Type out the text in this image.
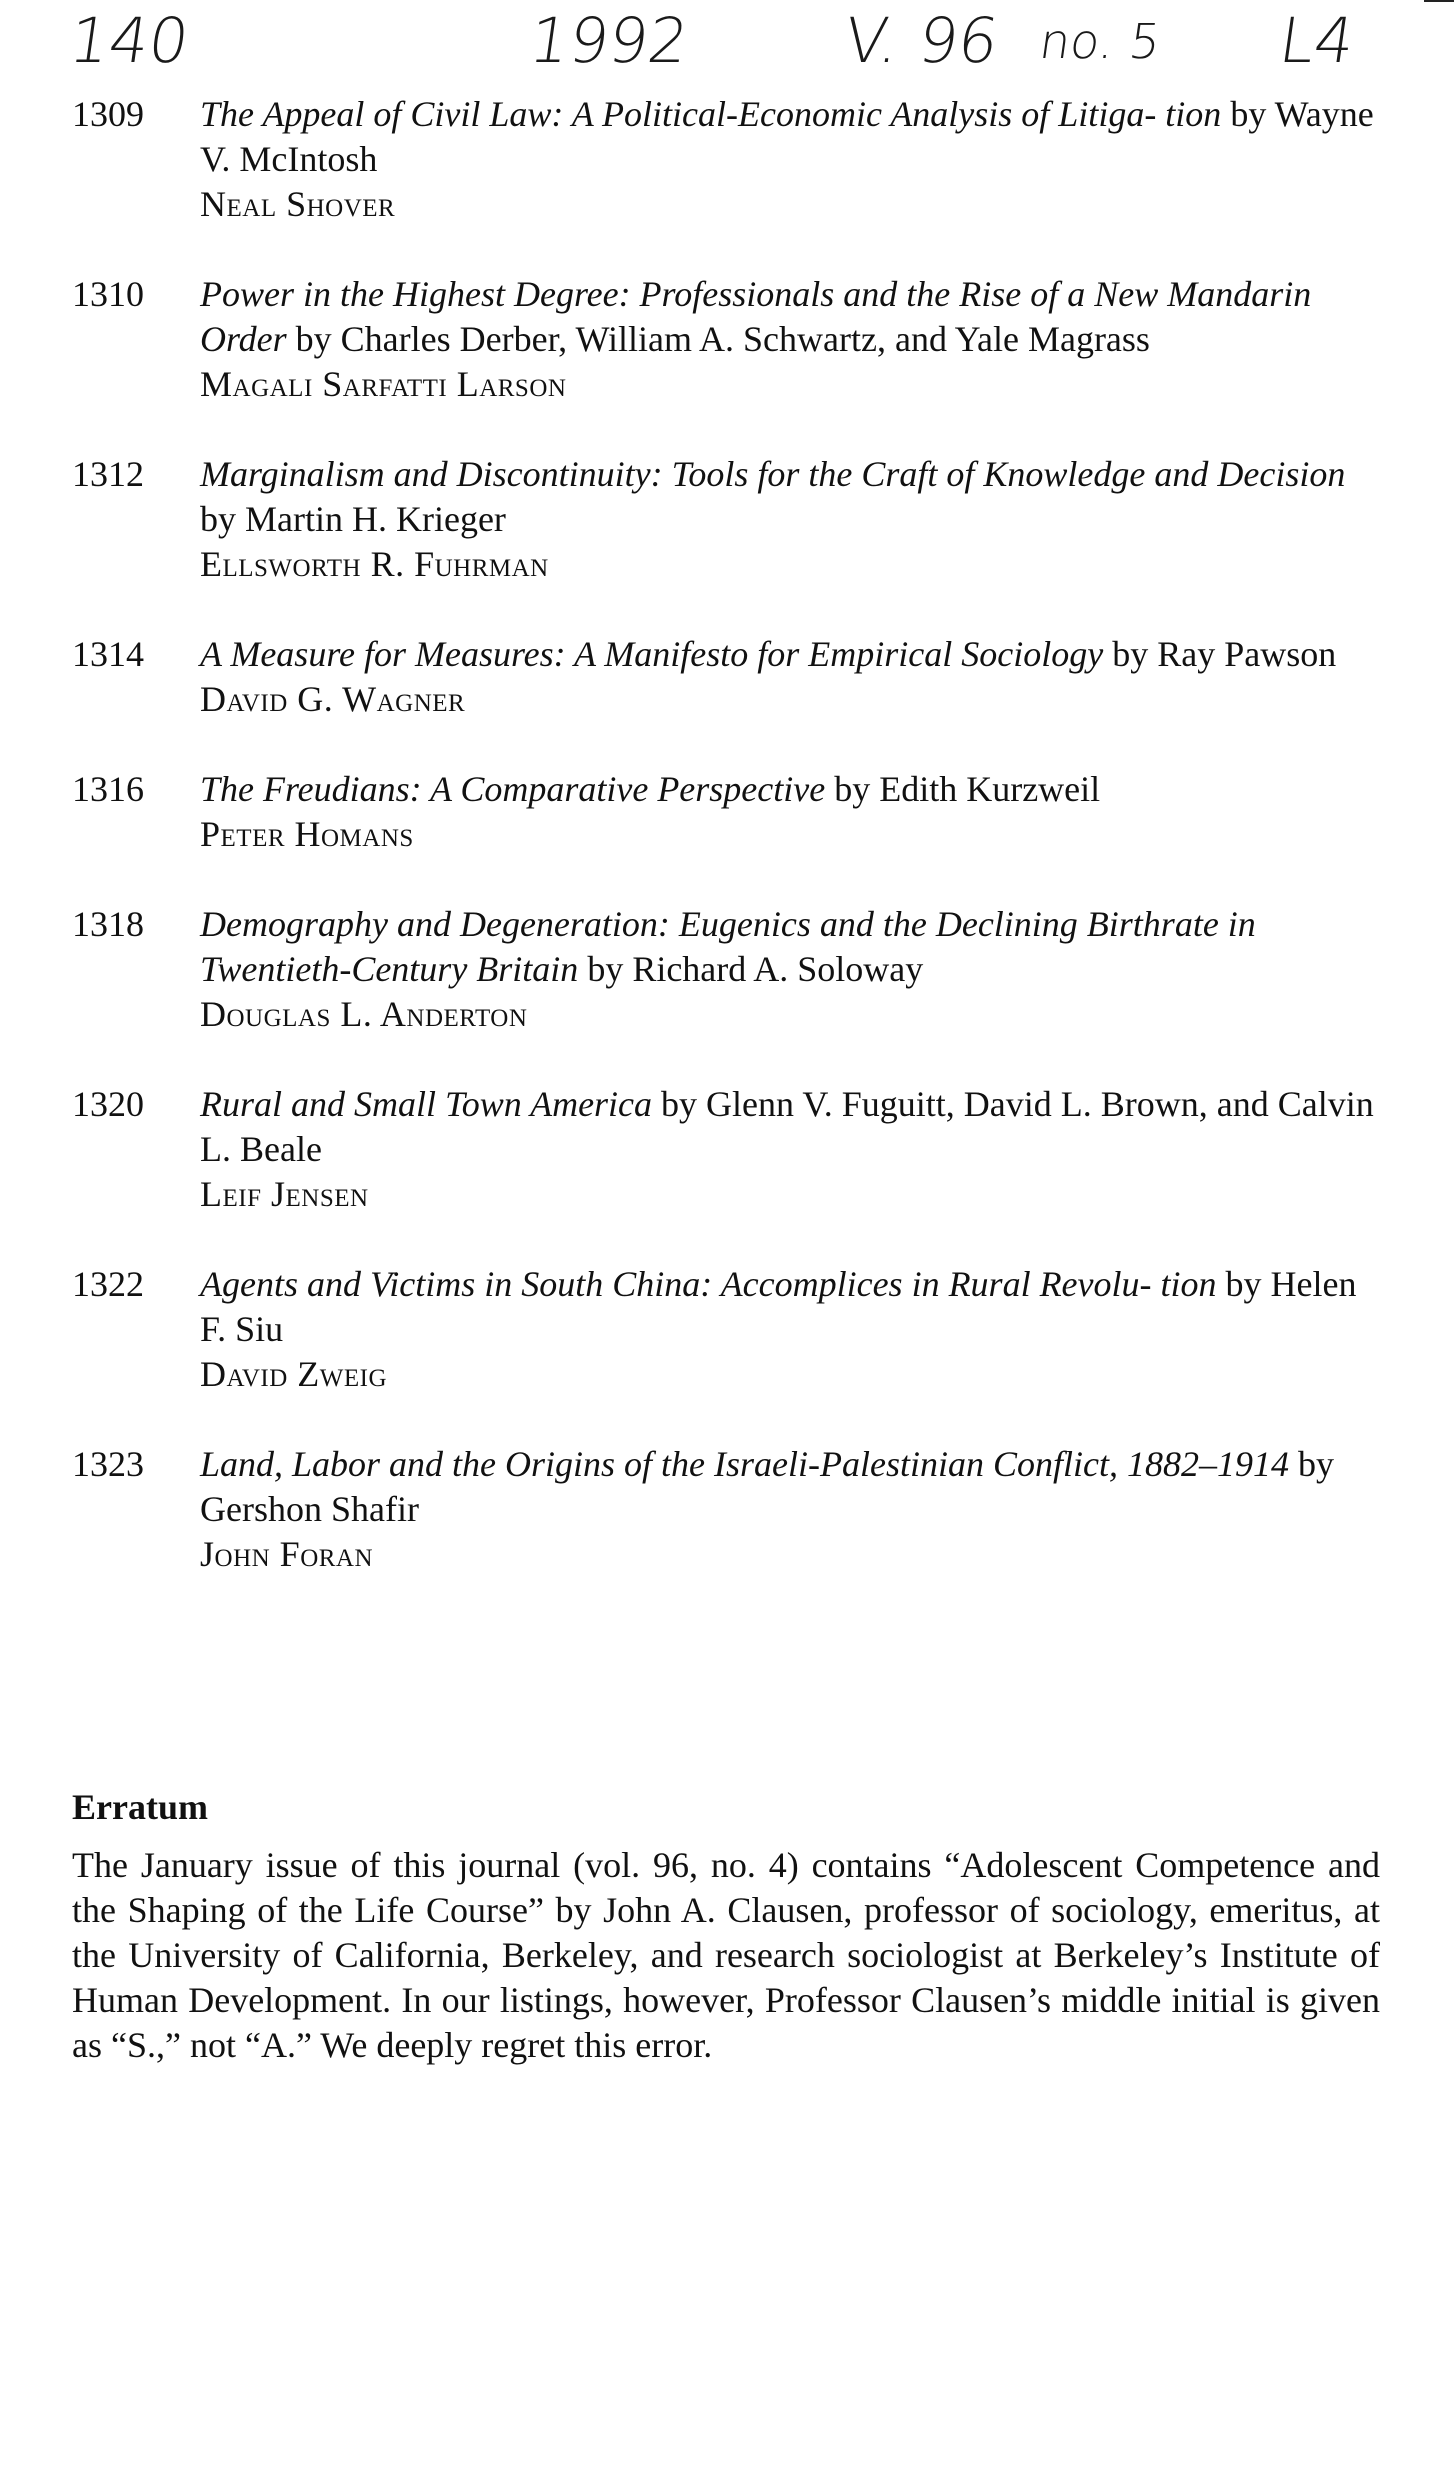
140	1992 V. 96 no. 5 L4
1309	The Appeal of Civil Law: A Political-Economic Analysis of Litiga- tion by Wayne V. McIntosh
Neal Shover
1310	Power in the Highest Degree: Professionals and the Rise of a New Mandarin Order by Charles Derber, William A. Schwartz, and Yale Magrass
Magali Sarfatti Larson
1312	Marginalism and Discontinuity: Tools for the Craft of Knowledge and Decision by Martin H. Krieger
Ellsworth R. Fuhrman
1314	A Measure for Measures: A Manifesto for Empirical Sociology by Ray Pawson
David G. Wagner
1316	The Freudians: A Comparative Perspective by Edith Kurzweil
Peter Homans
1318	Demography and Degeneration: Eugenics and the Declining Birthrate in Twentieth-Century Britain by Richard A. Soloway
Douglas L. Anderton
1320	Rural and Small Town America by Glenn V. Fuguitt, David L. Brown, and Calvin L. Beale
Leif Jensen
1322	Agents and Victims in South China: Accomplices in Rural Revolu- tion by Helen F. Siu
David Zweig
1323	Land, Labor and the Origins of the Israeli-Palestinian Conflict, 1882–1914 by Gershon Shafir
John Foran
Erratum

The January issue of this journal (vol. 96, no. 4) contains “Adolescent Competence and the Shaping of the Life Course” by John A. Clausen, professor of sociology, emeritus, at the University of California, Berkeley, and research sociologist at Berkeley’s Institute of Human Development. In our listings, however, Professor Clausen’s middle initial is given as “S.,” not “A.” We deeply regret this error.
